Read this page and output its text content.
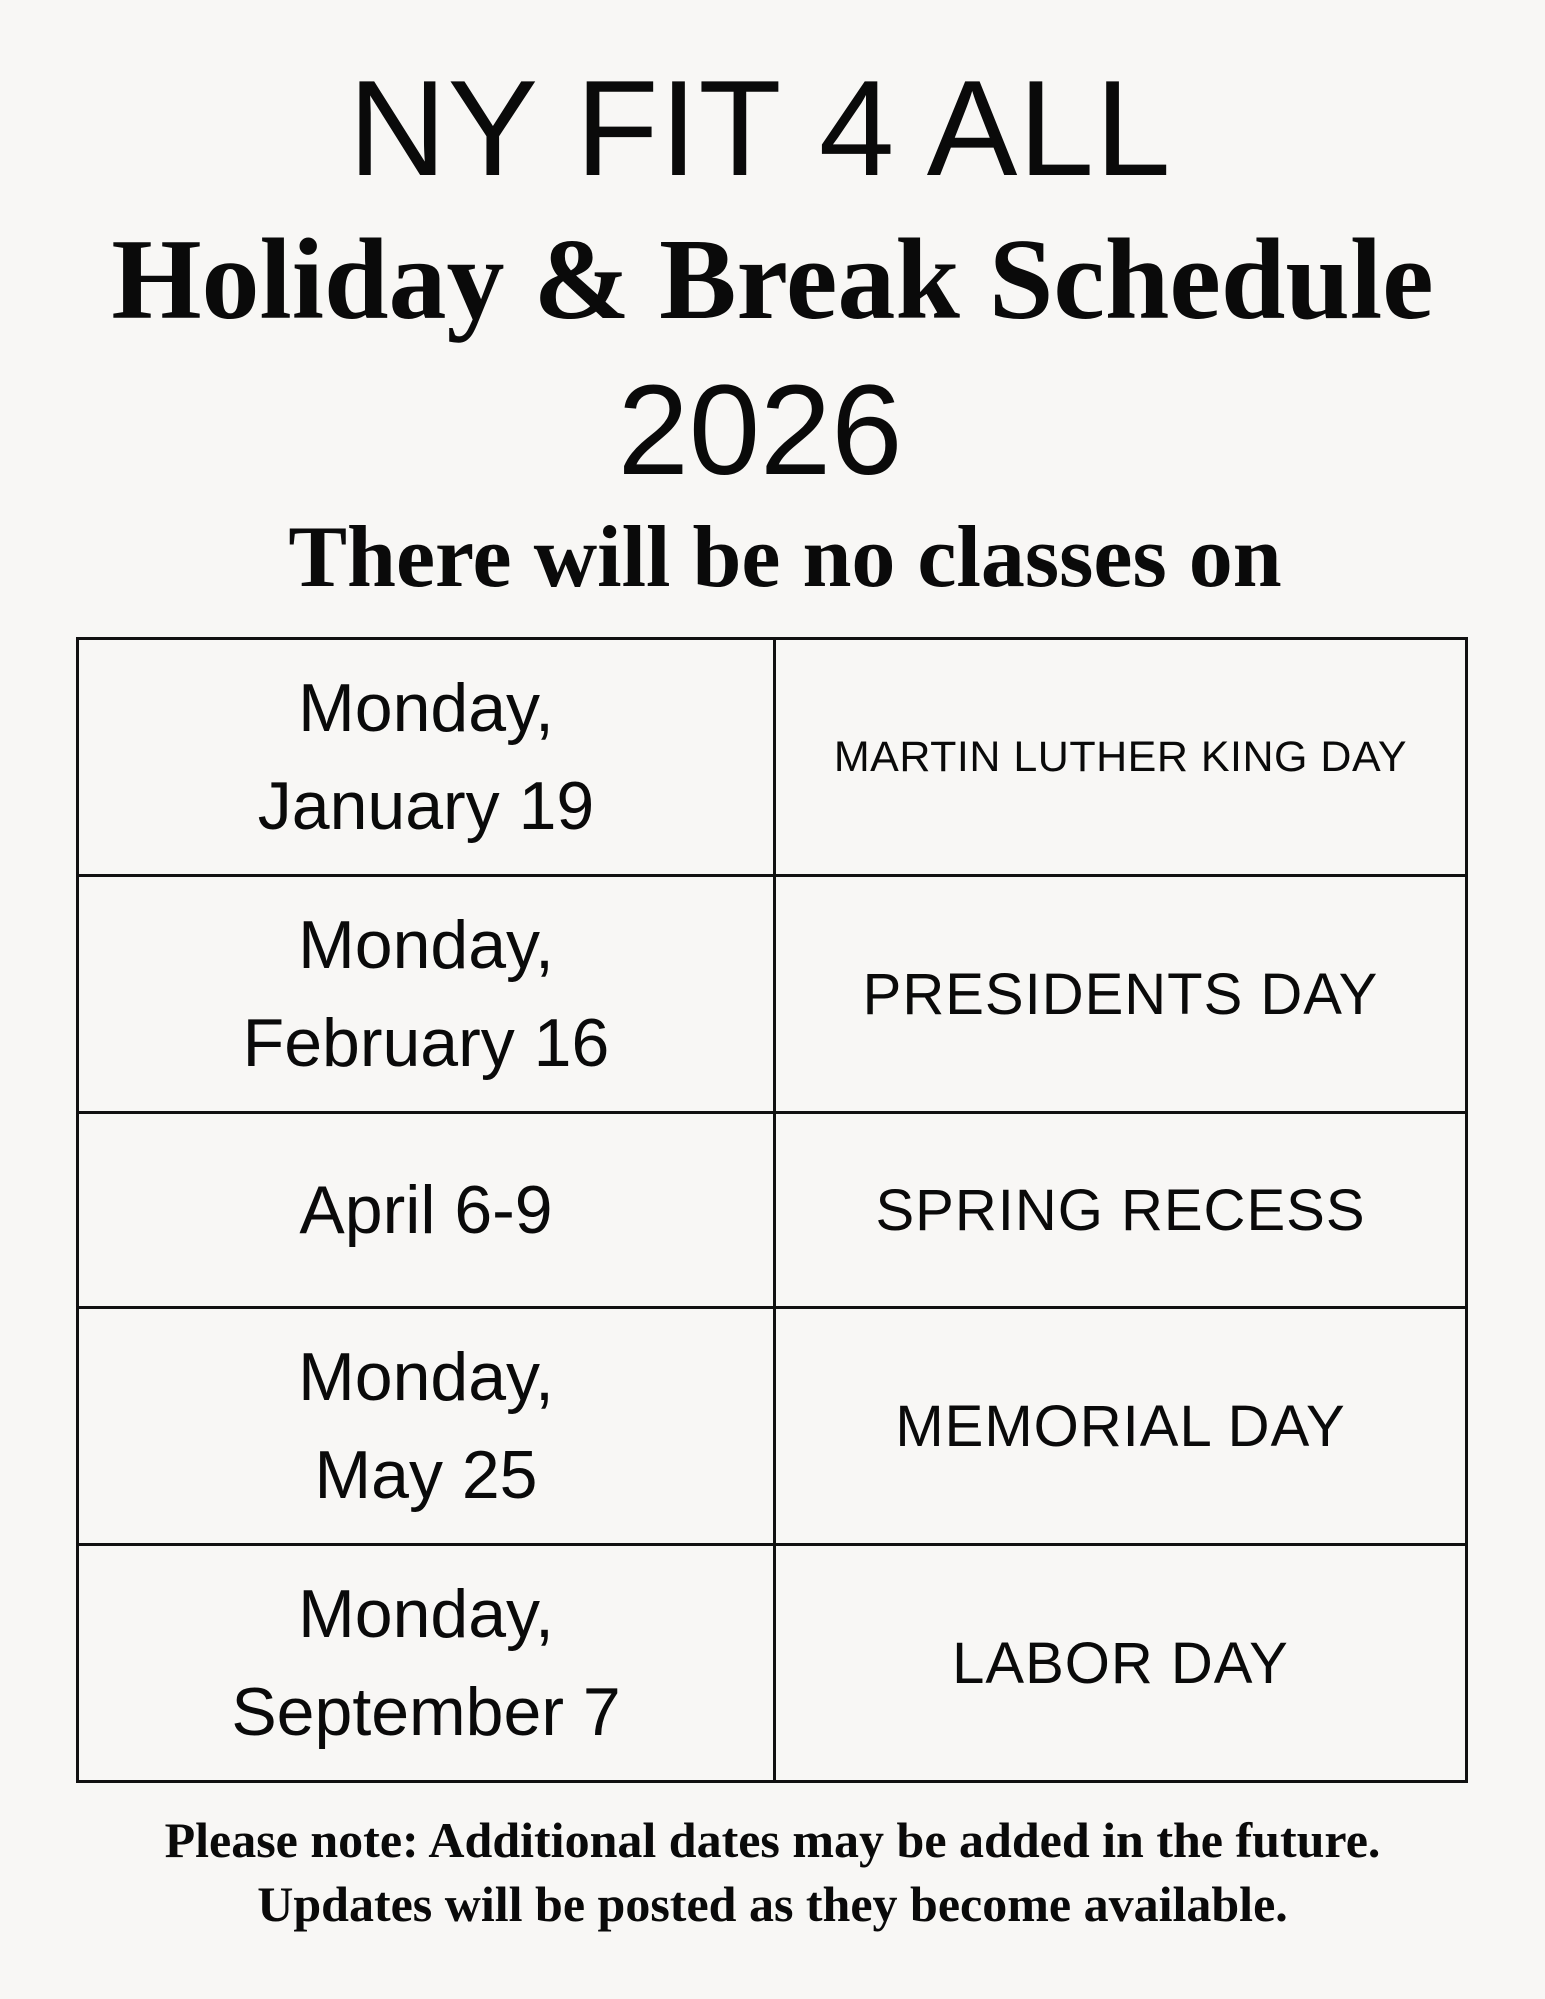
NY FIT 4 ALL
Holiday & Break Schedule
2026
There will be no classes on
Monday,
January 19	MARTIN LUTHER KING DAY

Monday,
February 16	PRESIDENTS DAY

April 6-9	SPRING RECESS

Monday,
May 25	MEMORIAL DAY

Monday,
September 7	LABOR DAY
Please note: Additional dates may be added in the future.
Updates will be posted as they become available.
